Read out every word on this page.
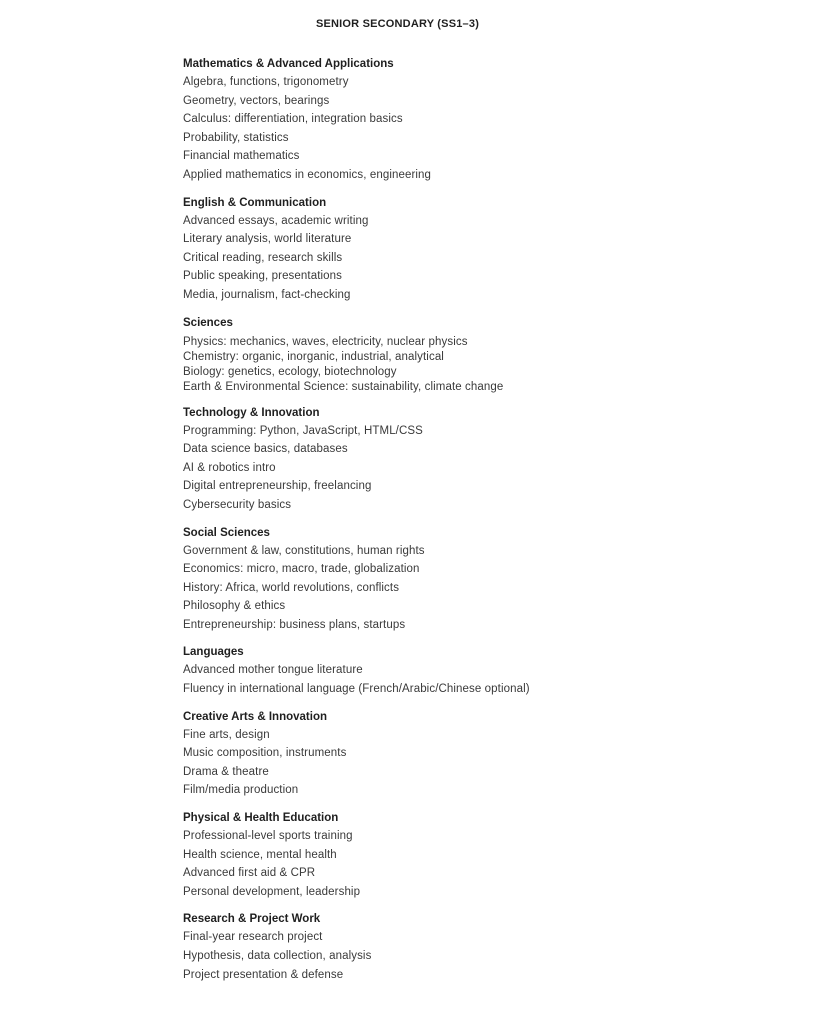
SENIOR SECONDARY (SS1–3)
Mathematics & Advanced Applications
Algebra, functions, trigonometry
Geometry, vectors, bearings
Calculus: differentiation, integration basics
Probability, statistics
Financial mathematics
Applied mathematics in economics, engineering
English & Communication
Advanced essays, academic writing
Literary analysis, world literature
Critical reading, research skills
Public speaking, presentations
Media, journalism, fact-checking
Sciences
Physics: mechanics, waves, electricity, nuclear physics
Chemistry: organic, inorganic, industrial, analytical
Biology: genetics, ecology, biotechnology
Earth & Environmental Science: sustainability, climate change
Technology & Innovation
Programming: Python, JavaScript, HTML/CSS
Data science basics, databases
AI & robotics intro
Digital entrepreneurship, freelancing
Cybersecurity basics
Social Sciences
Government & law, constitutions, human rights
Economics: micro, macro, trade, globalization
History: Africa, world revolutions, conflicts
Philosophy & ethics
Entrepreneurship: business plans, startups
Languages
Advanced mother tongue literature
Fluency in international language (French/Arabic/Chinese optional)
Creative Arts & Innovation
Fine arts, design
Music composition, instruments
Drama & theatre
Film/media production
Physical & Health Education
Professional-level sports training
Health science, mental health
Advanced first aid & CPR
Personal development, leadership
Research & Project Work
Final-year research project
Hypothesis, data collection, analysis
Project presentation & defense
